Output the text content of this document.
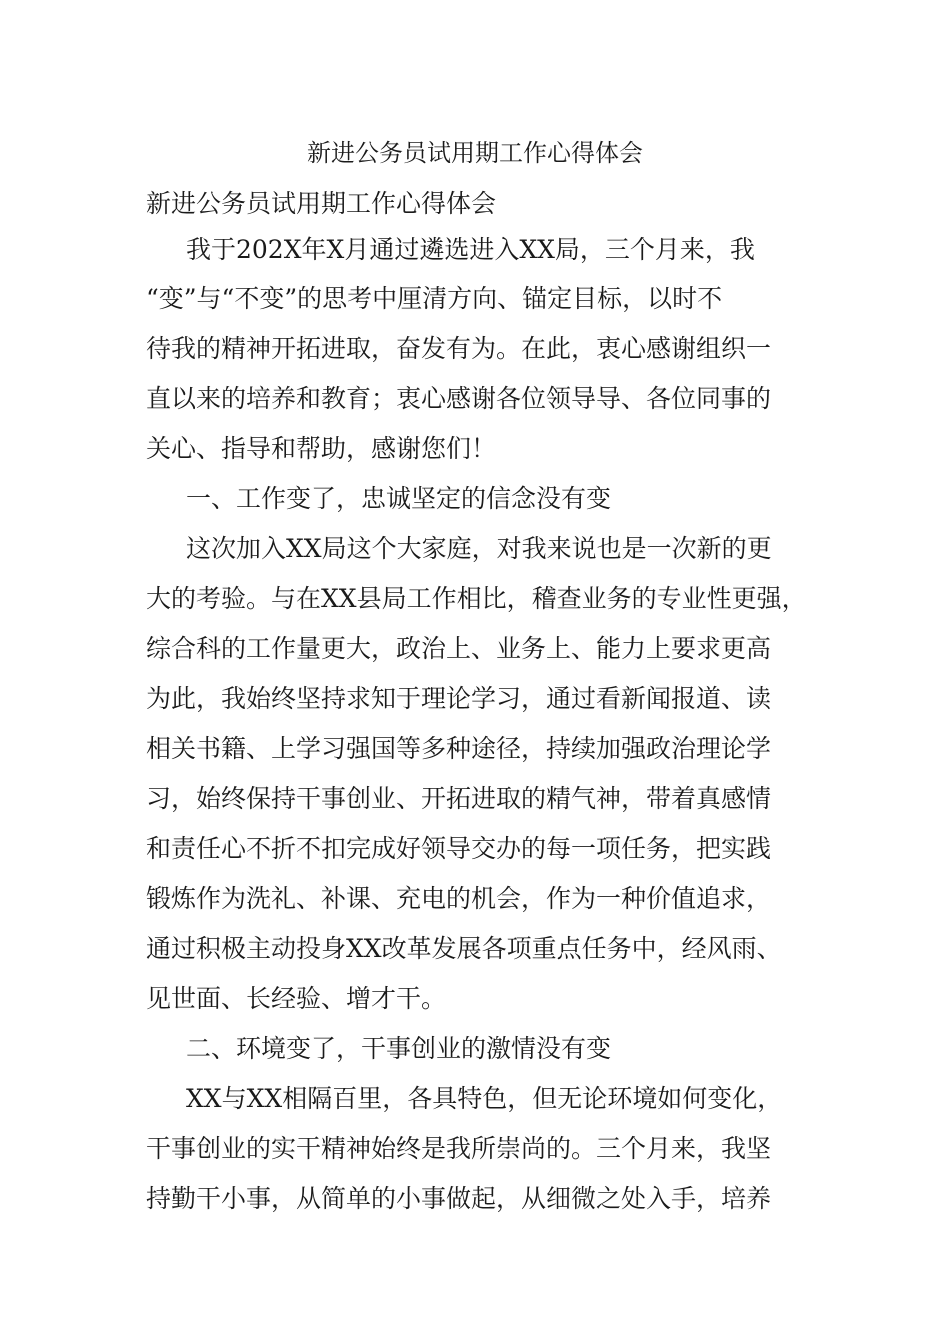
新进公务员试用期工作心得体会

新进公务员试用期工作心得体会

我于202X年X月通过遴选进入XX局，三个月来，我

“变”与“不变”的思考中厘清方向、锚定目标，以时不

待我的精神开拓进取，奋发有为。在此，衷心感谢组织一

直以来的培养和教育；衷心感谢各位领导导、各位同事的

关心、指导和帮助，感谢您们！

一、工作变了，忠诚坚定的信念没有变

这次加入XX局这个大家庭，对我来说也是一次新的更

大的考验。与在XX县局工作相比，稽查业务的专业性更强，

综合科的工作量更大，政治上、业务上、能力上要求更高

为此，我始终坚持求知于理论学习，通过看新闻报道、读

相关书籍、上学习强国等多种途径，持续加强政治理论学

习，始终保持干事创业、开拓进取的精气神，带着真感情

和责任心不折不扣完成好领导交办的每一项任务，把实践

锻炼作为洗礼、补课、充电的机会，作为一种价值追求，

通过积极主动投身XX改革发展各项重点任务中，经风雨、

见世面、长经验、增才干。

二、环境变了，干事创业的激情没有变

XX与XX相隔百里，各具特色，但无论环境如何变化，

干事创业的实干精神始终是我所崇尚的。三个月来，我坚

持勤干小事，从简单的小事做起，从细微之处入手，培养
